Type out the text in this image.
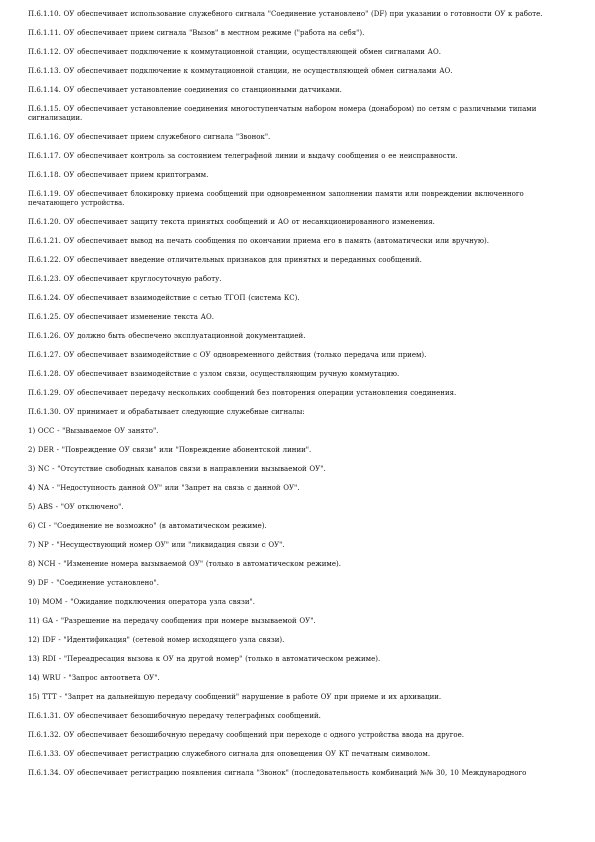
П.6.1.10. ОУ обеспечивает использование служебного сигнала "Соединение установлено" (DF) при указании о готовности ОУ к работе.

П.6.1.11. ОУ обеспечивает прием сигнала "Вызов" в местном режиме ("работа на себя").

П.6.1.12. ОУ обеспечивает подключение к коммутационной станции, осуществляющей обмен сигналами АО.

П.6.1.13. ОУ обеспечивает подключение к коммутационной станции, не осуществляющей обмен сигналами АО.

П.6.1.14. ОУ обеспечивает установление соединения со станционными датчиками.

П.6.1.15. ОУ обеспечивает установление соединения многоступенчатым набором номера (донабором) по сетям с различными типами сигнализации.

П.6.1.16. ОУ обеспечивает прием служебного сигнала "Звонок".

П.6.1.17. ОУ обеспечивает контроль за состоянием телеграфной линии и выдачу сообщения о ее неисправности.

П.6.1.18. ОУ обеспечивает прием криптограмм.

П.6.1.19. ОУ обеспечивает блокировку приема сообщений при одновременном заполнении памяти или повреждении включенного печатающего устройства.

П.6.1.20. ОУ обеспечивает защиту текста принятых сообщений и АО от несанкционированного изменения.

П.6.1.21. ОУ обеспечивает вывод на печать сообщения по окончании приема его в память (автоматически или вручную).

П.6.1.22. ОУ обеспечивает введение отличительных признаков для принятых и переданных сообщений.

П.6.1.23. ОУ обеспечивает круглосуточную работу.

П.6.1.24. ОУ обеспечивает взаимодействие с сетью ТГОП (система КС).

П.6.1.25. ОУ обеспечивает изменение текста АО.

П.6.1.26. ОУ должно быть обеспечено эксплуатационной документацией.

П.6.1.27. ОУ обеспечивает взаимодействие с ОУ одновременного действия (только передача или прием).

П.6.1.28. ОУ обеспечивает взаимодействие с узлом связи, осуществляющим ручную коммутацию.

П.6.1.29. ОУ обеспечивает передачу нескольких сообщений без повторения операции установления соединения.

П.6.1.30. ОУ принимает и обрабатывает следующие служебные сигналы:

1) OCC - "Вызываемое ОУ занято".

2) DER - "Повреждение ОУ связи" или "Повреждение абонентской линии".

3) NC - "Отсутствие свободных каналов связи в направлении вызываемой ОУ".

4) NA - "Недоступность данной ОУ" или "Запрет на связь с данной ОУ".

5) ABS - "ОУ отключено".

6) CI - "Соединение не возможно" (в автоматическом режиме).

7) NP - "Несуществующий номер ОУ" или "ликвидация связи с ОУ".

8) NCH - "Изменение номера вызываемой ОУ" (только в автоматическом режиме).

9) DF - "Соединение установлено".

10) MOM - "Ожидание подключения оператора узла связи".

11) GA - "Разрешение на передачу сообщения при номере вызываемой ОУ".

12) IDF - "Идентификация" (сетевой номер исходящего узла связи).

13) RDI - "Переадресация вызова к ОУ на другой номер" (только в автоматическом режиме).

14) WRU - "Запрос автоответа ОУ".

15) TTT - "Запрет на дальнейшую передачу сообщений" нарушение в работе ОУ при приеме и их архивации.

П.6.1.31. ОУ обеспечивает безошибочную передачу телеграфных сообщений.

П.6.1.32. ОУ обеспечивает безошибочную передачу сообщений при переходе с одного устройства ввода на другое.

П.6.1.33. ОУ обеспечивает регистрацию служебного сигнала для оповещения ОУ КТ печатным символом.

П.6.1.34. ОУ обеспечивает регистрацию появления сигнала "Звонок" (последовательность комбинаций №№ 30, 10 Международного
